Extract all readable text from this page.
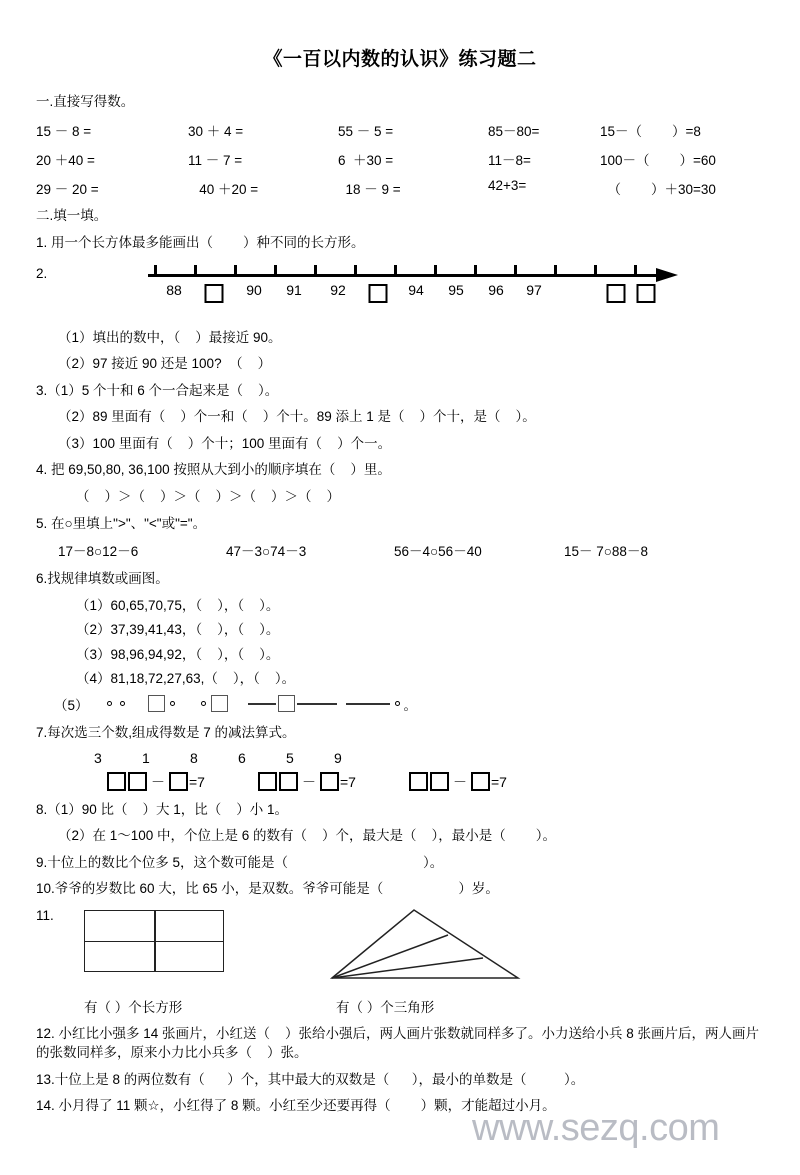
《一百以内数的认识》练习题二
一.直接写得数。
15 － 8 =	30 ＋ 4 =	55 － 5 =	85－80=	15－（        ）=8
20 ＋40 =	11 － 7 =	6  ＋30 =	11－8=	100－（        ）=60
29 － 20 =	40 ＋20 =	18 － 9 =	42+3=	（        ）＋30=30
二.填一填。
1. 用一个长方体最多能画出（        ）种不同的长方形。
2.
88	90 91 92	94 95 96 97
（1）填出的数中，（    ）最接近 90。
（2）97 接近 90 还是 100?  （    ）
3.（1）5 个十和 6 个一合起来是（    ）。
（2）89 里面有（    ）个一和（    ）个十。89 添上 1 是（    ）个十，是（    ）。
（3）100 里面有（    ）个十；100 里面有（    ）个一。
4. 把 69,50,80, 36,100 按照从大到小的顺序填在（    ）里。
（    ）＞（    ）＞（    ）＞（    ）＞（    ）
5. 在○里填上">"、"<"或"="。
17－8○12－6	47－3○74－3	56－4○56－40	15－ 7○88－8
6.找规律填数或画图。
（1）60,65,70,75，（    ），（    ）。
（2）37,39,41,43，（    ），（    ）。
（3）98,96,94,92，（    ），（    ）。
（4）81,18,72,27,63,（    ），（    ）。
（5）	。
7.每次选三个数,组成得数是 7 的减法算式。
3	1	8	6	5	9
－ =7	－ =7	－ =7
8.（1）90 比（    ）大 1，比（    ）小 1。
（2）在 1～100 中，个位上是 6 的数有（    ）个，最大是（    ），最小是（        ）。
9.十位上的数比个位多 5，这个数可能是（                                    ）。
10.爷爷的岁数比 60 大，比 65 小，是双数。爷爷可能是（                    ）岁。
11.
有（ ）个长方形	有（ ）个三角形
12. 小红比小强多 14 张画片，小红送（    ）张给小强后，两人画片张数就同样多了。小力送给小兵 8 张画片后，两人画片的张数同样多，原来小力比小兵多（    ）张。
13.十位上是 8 的两位数有（      ）个，其中最大的双数是（      ），最小的单数是（          ）。
14. 小月得了 11 颗☆，小红得了 8 颗。小红至少还要再得（        ）颗，才能超过小月。
www.sezq.com
